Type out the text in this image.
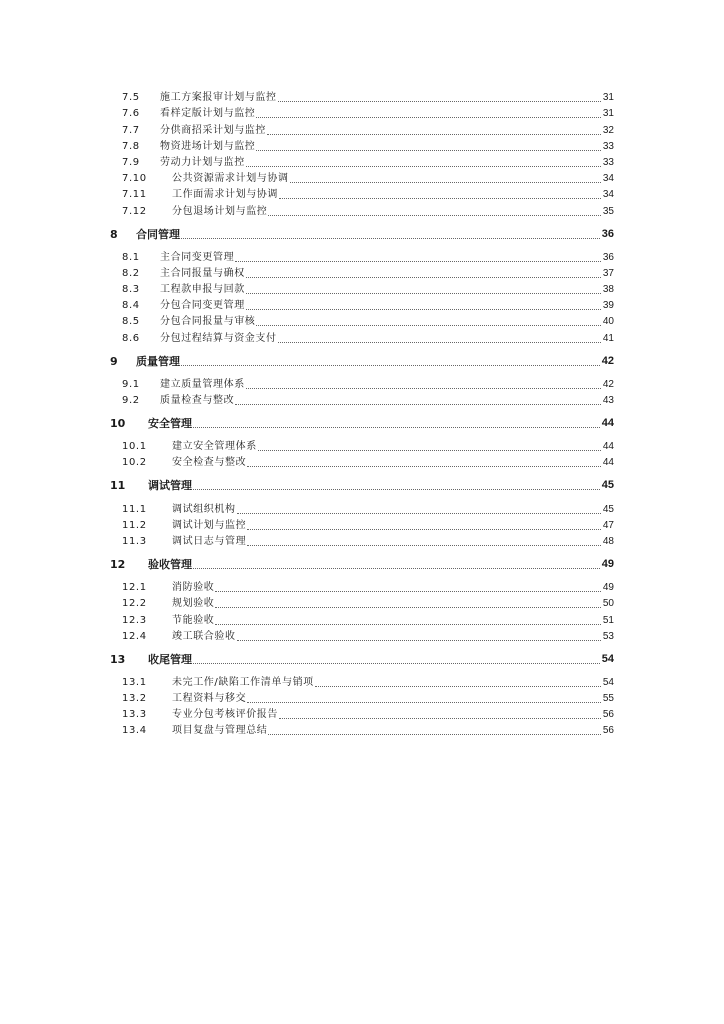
7.5	施工方案报审计划与监控	31
7.6	看样定版计划与监控	31
7.7	分供商招采计划与监控	32
7.8	物资进场计划与监控	33
7.9	劳动力计划与监控	33
7.10	公共资源需求计划与协调	34
7.11	工作面需求计划与协调	34
7.12	分包退场计划与监控	35
8	合同管理	36
8.1	主合同变更管理	36
8.2	主合同报量与确权	37
8.3	工程款申报与回款	38
8.4	分包合同变更管理	39
8.5	分包合同报量与审核	40
8.6	分包过程结算与资金支付	41
9	质量管理	42
9.1	建立质量管理体系	42
9.2	质量检查与整改	43
10	安全管理	44
10.1	建立安全管理体系	44
10.2	安全检查与整改	44
11	调试管理	45
11.1	调试组织机构	45
11.2	调试计划与监控	47
11.3	调试日志与管理	48
12	验收管理	49
12.1	消防验收	49
12.2	规划验收	50
12.3	节能验收	51
12.4	竣工联合验收	53
13	收尾管理	54
13.1	未完工作/缺陷工作清单与销项	54
13.2	工程资料与移交	55
13.3	专业分包考核评价报告	56
13.4	项目复盘与管理总结	56
